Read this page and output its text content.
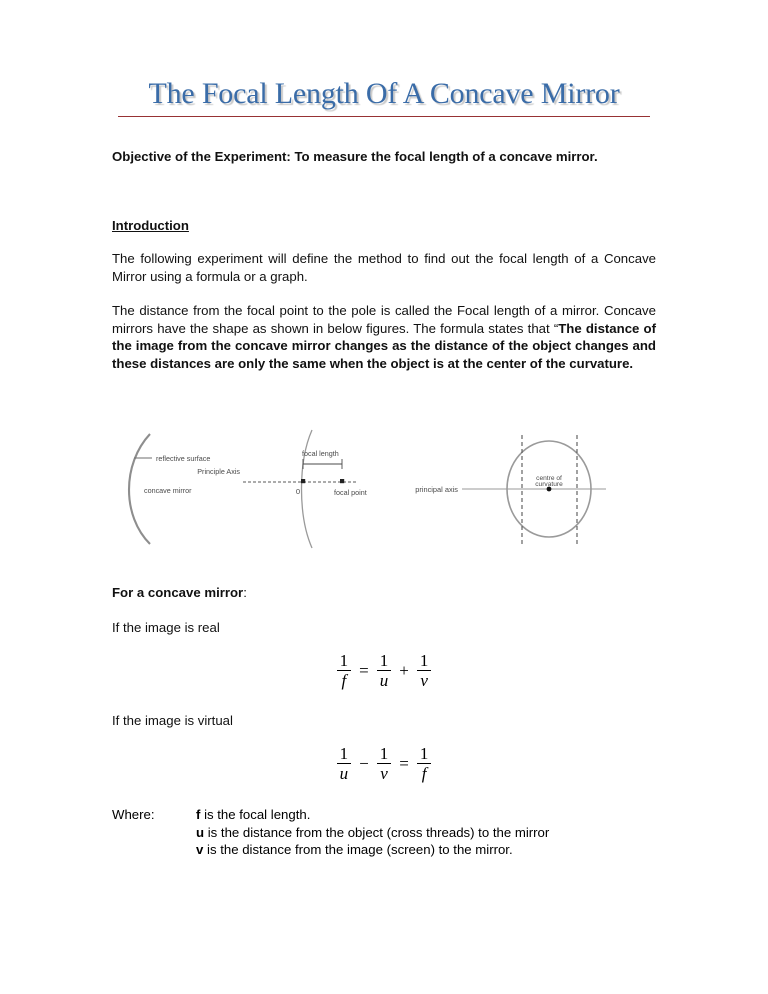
The Focal Length Of A Concave Mirror
Objective of the Experiment: To measure the focal length of a concave mirror.
Introduction
The following experiment will define the method to find out the focal length of a Concave Mirror using a formula or a graph.
The distance from the focal point to the pole is called the Focal length of a mirror. Concave mirrors have the shape as shown in below figures. The formula states that “The distance of the image from the concave mirror changes as the distance of the object changes and these distances are only the same when the object is at the center of the curvature.
reflective surface
concave mirror
Principle Axis
0	focal point
focal length
principal axis
centre of
curvature
For a concave mirror:
If the image is real
$\frac{1}{f} = \frac{1}{u} + \frac{1}{v}$
If the image is virtual
$\frac{1}{u} - \frac{1}{v} = \frac{1}{f}$
Where:	f is the focal length.
u is the distance from the object (cross threads) to the mirror
v is the distance from the image (screen) to the mirror.
